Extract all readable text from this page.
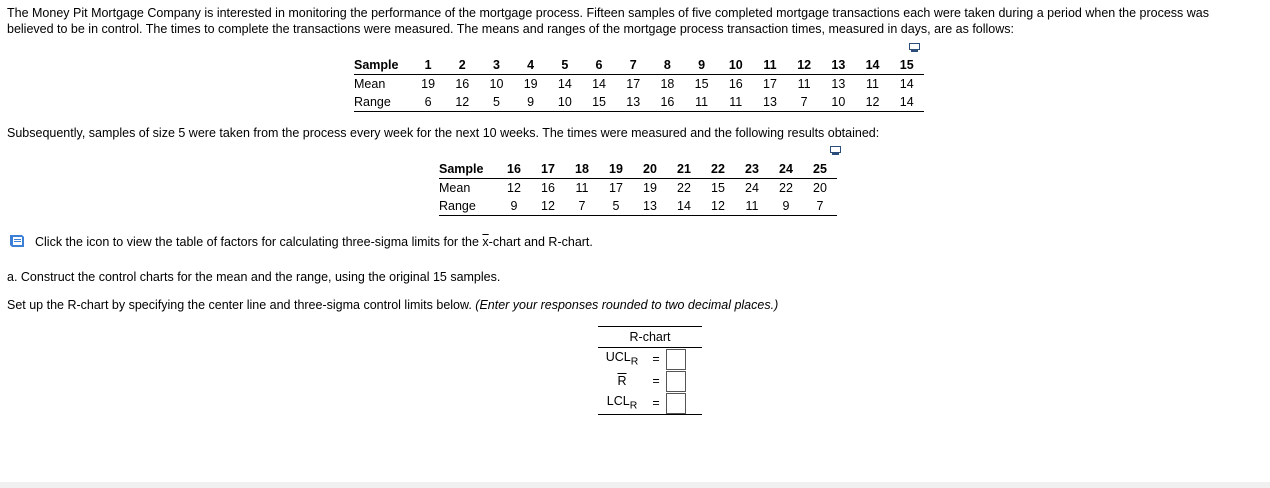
The Money Pit Mortgage Company is interested in monitoring the performance of the mortgage process. Fifteen samples of five completed mortgage transactions each were taken during a period when the process was
believed to be in control. The times to complete the transactions were measured. The means and ranges of the mortgage process transaction times, measured in days, are as follows:
Sample	1	2	3	4	5	6	7	8	9	10	11	12	13	14	15
Mean	19	16	10	19	14	14	17	18	15	16	17	11	13	11	14
Range	6	12	5	9	10	15	13	16	11	11	13	7	10	12	14
Subsequently, samples of size 5 were taken from the process every week for the next 10 weeks. The times were measured and the following results obtained:
Sample	16	17	18	19	20	21	22	23	24	25
Mean	12	16	11	17	19	22	15	24	22	20
Range	9	12	7	5	13	14	12	11	9	7
Click the icon to view the table of factors for calculating three-sigma limits for the $\overline{x}$-chart and R-chart.
a. Construct the control charts for the mean and the range, using the original 15 samples.
Set up the R-chart by specifying the center line and three-sigma control limits below. (Enter your responses rounded to two decimal places.)
R-chart		
$UCL_R$	=	

$\overline{R}$	=	

$LCL_R$	=	
